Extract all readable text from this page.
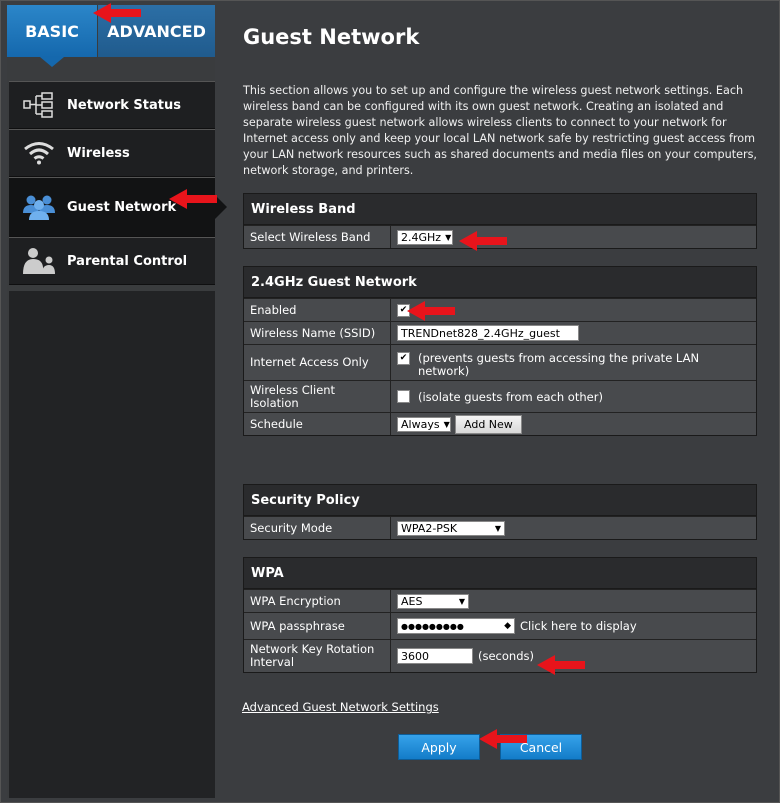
BASIC	ADVANCED
Network Status
Wireless
Guest Network
Parental Control
Guest Network
This section allows you to set up and configure the wireless guest network settings. Each wireless band can be configured with its own guest network. Creating an isolated and separate wireless guest network allows wireless clients to connect to your network for Internet access only and keep your local LAN network safe by restricting guest access from your LAN network resources such as shared documents and media files on your computers, network storage, and printers.
Wireless Band
Select Wireless Band	2.4GHz ▼
2.4GHz Guest Network
Enabled	✔
Wireless Name (SSID)	TRENDnet828_2.4GHz_guest
Internet Access Only	✔ (prevents guests from accessing the private LAN network)
Wireless Client Isolation	(isolate guests from each other)
Schedule	Always ▼	Add New
Security Policy
Security Mode	WPA2-PSK	▼
WPA
WPA Encryption	AES	▼
WPA passphrase	●●●●●●●●●	◆ Click here to display
Network Key Rotation Interval	3600	(seconds)
Advanced Guest Network Settings
Apply	Cancel
